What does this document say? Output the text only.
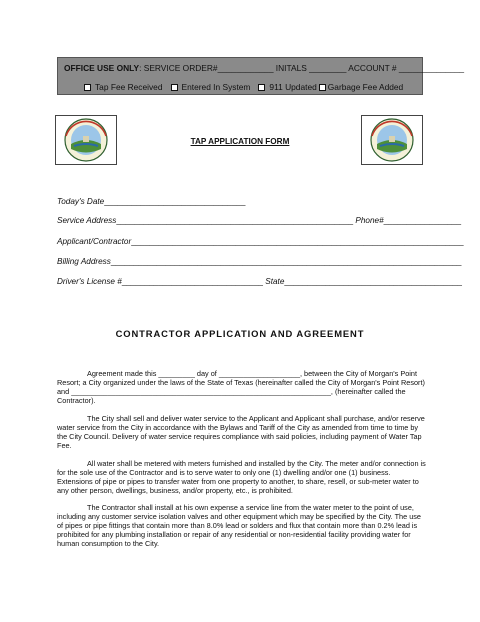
OFFICE USE ONLY: SERVICE ORDER#____________ INITALS ________ ACCOUNT # ______________
Tap Fee Received Entered In System 911 Updated Garbage Fee Added
TAP APPLICATION FORM
Today's Date_______________________________
Service Address____________________________________________________ Phone#_________________
Applicant/Contractor_________________________________________________________________________
Billing Address_____________________________________________________________________________
Driver's License #_______________________________ State_______________________________________
CONTRACTOR APPLICATION AND AGREEMENT
Agreement made this _________ day of ____________________, between the City of Morgan's Point Resort; a City organized under the laws of the State of Texas (hereinafter called the City of Morgan's Point Resort) and ________________________________________________________________, (hereinafter called the Contractor).
The City shall sell and deliver water service to the Applicant and Applicant shall purchase, and/or reserve water service from the City in accordance with the Bylaws and Tariff of the City as amended from time to time by the City Council. Delivery of water service requires compliance with said policies, including payment of Water Tap Fee.
All water shall be metered with meters furnished and installed by the City. The meter and/or connection is for the sole use of the Contractor and is to serve water to only one (1) dwelling and/or one (1) business. Extensions of pipe or pipes to transfer water from one property to another, to share, resell, or sub-meter water to any other person, dwellings, business, and/or property, etc., is prohibited.
The Contractor shall install at his own expense a service line from the water meter to the point of use, including any customer service isolation valves and other equipment which may be specified by the City. The use of pipes or pipe fittings that contain more than 8.0% lead or solders and flux that contain more than 0.2% lead is prohibited for any plumbing installation or repair of any residential or non-residential facility providing water for human consumption to the City.
